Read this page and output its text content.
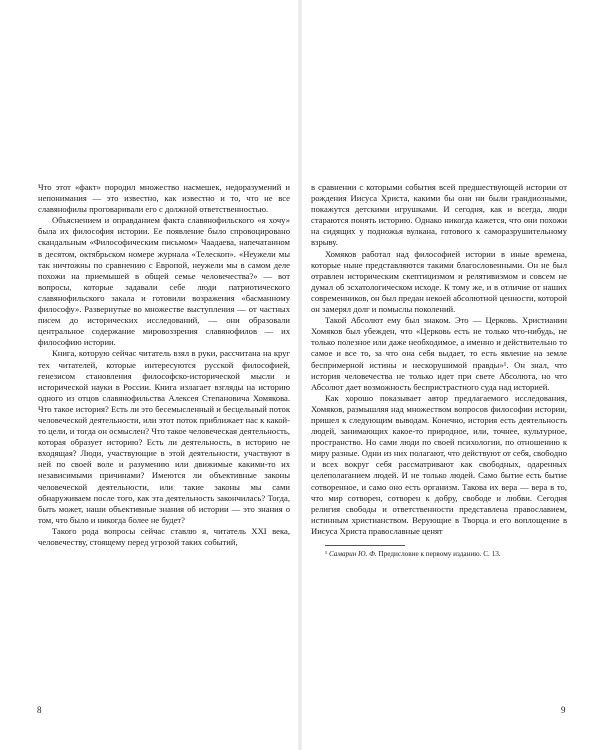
Что этот «факт» породил множество насмешек, недоразумений и непонимания — это известно, как известно и то, что не все славянофилы проговаривали его с должной ответственностью.

Объяснением и оправданием факта славянофильского «я хочу» была их философия истории. Ее появление было спровоцировано скандальным «Философическим письмом» Чаадаева, напечатанном в десятом, октябрьском номере журнала «Телескоп». «Неужели мы так ничтожны по сравнению с Европой, неужели мы в самом деле похожи на приемышей в общей семье человечества?» — вот вопросы, которые задавали себе люди патриотического славянофильского закала и готовили возражения «басманному философу». Развернутые во множестве выступления — от частных писем до исторических исследований, — они образовали центральное содержание мировоззрения славянофилов — их философию истории.

Книга, которую сейчас читатель взял в руки, рассчитана на круг тех читателей, которые интересуются русской философией, генезисом становления философско-исторической мысли и исторической науки в России. Книга излагает взгляды на историю одного из отцов славянофильства Алексея Степановича Хомякова. Что такое история? Есть ли это бесемысленный и бесцельный поток человеческой деятельности, или этот поток приближает нас к какой-то цели, и тогда он осмыслен? Что такое человеческая деятельность, которая образует историю? Есть ли деятельность, в историю не входящая? Люди, участвующие в этой деятельности, участвуют в ней по своей воле и разумению или движимые какими-то их независимыми причинами? Имеются ли объективные законы человеческой деятельности, или такие законы мы сами обнаруживаем после того, как эта деятельность закончилась? Тогда, быть может, наши объективные знания об истории — это знания о том, что было и никогда более не будет?

Такого рода вопросы сейчас ставлю я, читатель XXI века, человечеству, стоящему перед угрозой таких событий,

в сравнении с которыми события всей предшествующей истории от рождения Иисуса Христа, какими бы они ни были грандиозными, покажутся детскими игрушками. И сегодня, как и всегда, люди стараются понять историю. Однако никогда кажется, что они похожи на сидящих у подножья вулкана, готового к саморазрушительному взрыву.

Хомяков работал над философией истории в иные времена, которые ныне представляются такими благословенными. Он не был отравлен историческим скептицизмом и релятивизмом и совсем не думал об эсхатологическом исходе. К тому же, и в отличие от наших современников, он был предан некоей абсолютной ценности, которой он замерял долг и помыслы поколений.

Такой Абсолют ему был знаком. Это — Церковь. Христианин Хомяков был убежден, что «Церковь есть не только что-нибудь, не только полезное или даже необходимое, а именно и действительно то самое и все то, за что она себя выдает, то есть явление на земле беспримерной истины и нескорушимой правды»¹. Он знал, что история человечества не только идет при свете Абсолюта, но что Абсолют дает возможность беспристрастного суда над историей.

Как хорошо показывает автор предлагаемого исследования, Хомяков, размышляя над множеством вопросов философии истории, пришел к следующим выводам. Конечно, история есть деятельность людей, занимающих какое-то природное, или, точнее, культурное, пространство. Но сами люди по своей психологии, по отношению к миру разные. Одни из них полагают, что действуют от себя, свободно и всех вокруг себя рассматривают как свободных, одаренных целеполаганием людей. И не только людей. Само бытие есть бытие сотворенное, и само оно есть организм. Такова их вера — вера в то, что мир сотворен, сотворен к добру, свободе и любви. Сегодня религия свободы и ответственности представлена православием, истинным христианством. Верующие в Творца и его воплощение в Иисуса Христа православные ценят

¹ Самарин Ю. Ф. Предисловие к первому изданию. С. 13.

8	9
